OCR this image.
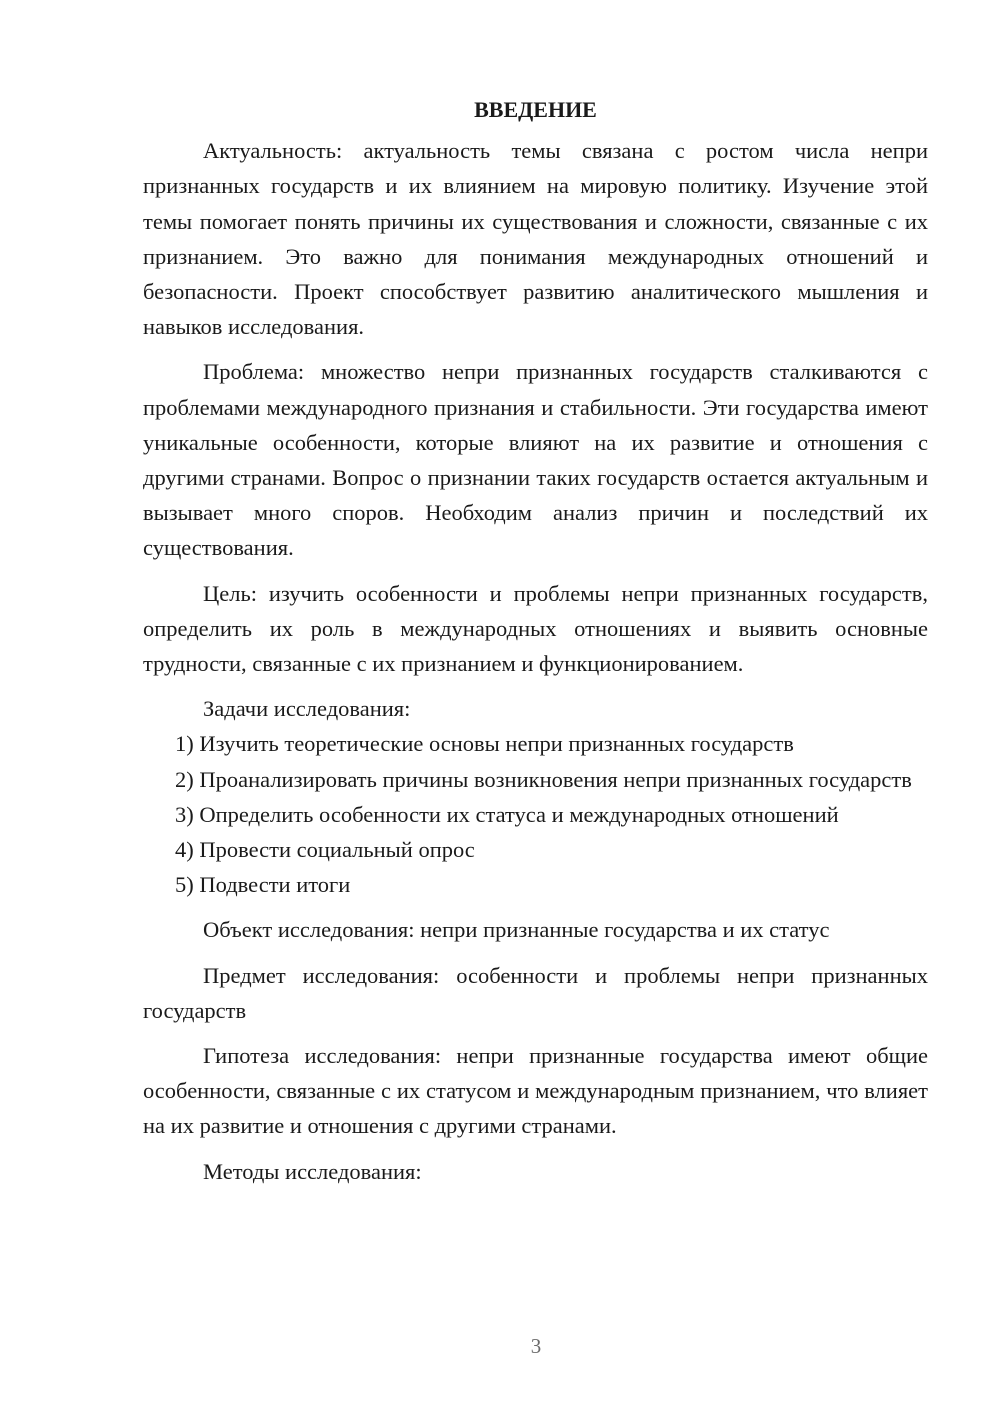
ВВЕДЕНИЕ

Актуальность: актуальность темы связана с ростом числа непри признанных государств и их влиянием на мировую политику. Изучение этой темы помогает понять причины их существования и сложности, связанные с их признанием. Это важно для понимания международных отношений и безопасности. Проект способствует развитию аналитического мышления и навыков исследования.

Проблема: множество непри признанных государств сталкиваются с проблемами международного признания и стабильности. Эти государства имеют уникальные особенности, которые влияют на их развитие и отношения с другими странами. Вопрос о признании таких государств остается актуальным и вызывает много споров. Необходим анализ причин и последствий их существования.

Цель: изучить особенности и проблемы непри признанных государств, определить их роль в международных отношениях и выявить основные трудности, связанные с их признанием и функционированием.

Задачи исследования:

1) Изучить теоретические основы непри признанных государств

2) Проанализировать причины возникновения непри признанных государств

3) Определить особенности их статуса и международных отношений

4) Провести социальный опрос

5) Подвести итоги

Объект исследования: непри признанные государства и их статус

Предмет исследования: особенности и проблемы непри признанных государств

Гипотеза исследования: непри признанные государства имеют общие особенности, связанные с их статусом и международным признанием, что влияет на их развитие и отношения с другими странами.

Методы исследования:

3
